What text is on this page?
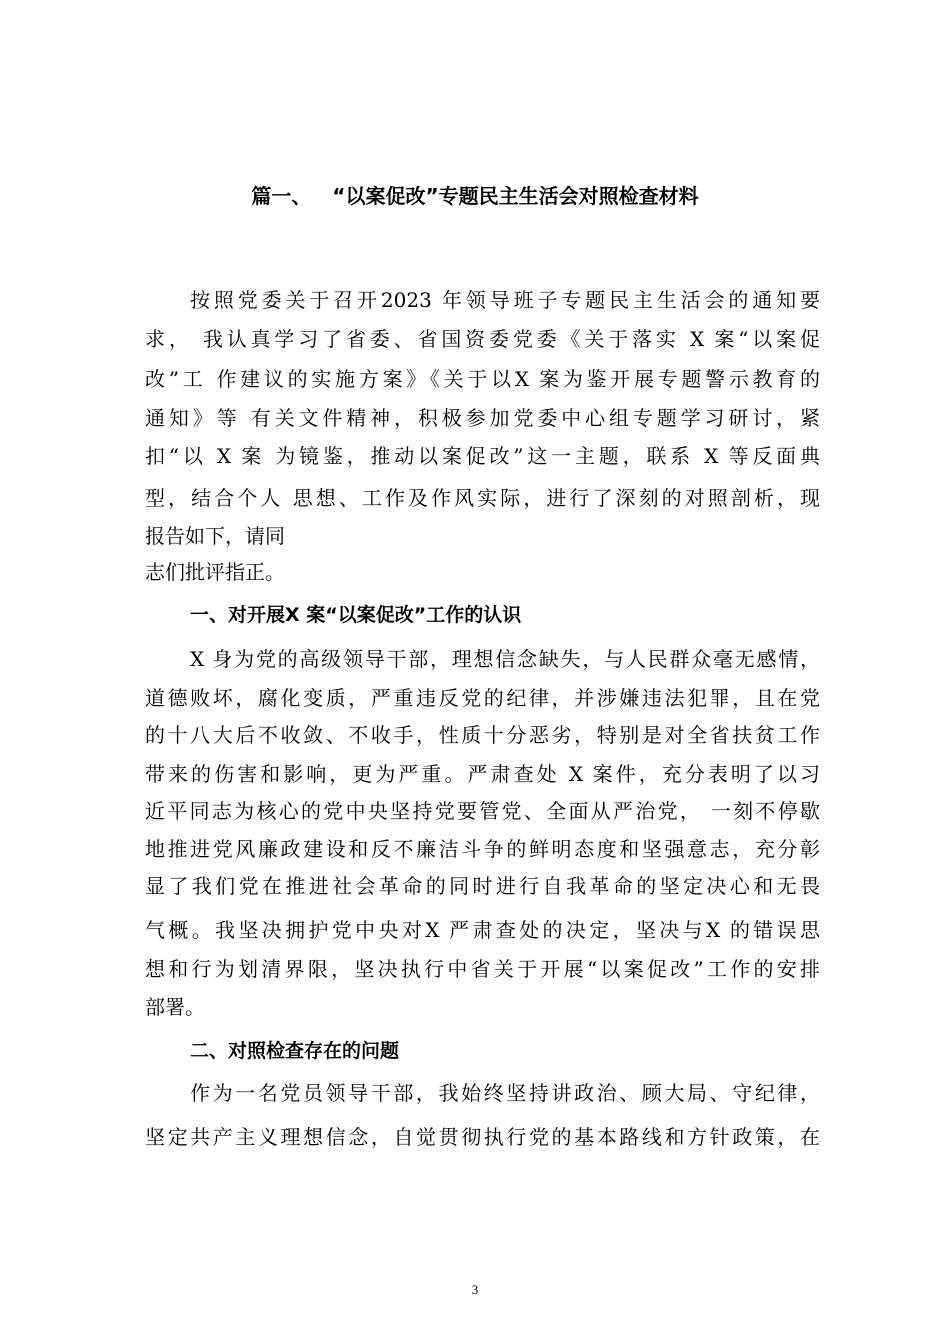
篇一、   “以案促改”专题民主生活会对照检查材料
按照党委关于召开2023 年领导班子专题民主生活会的通知要
求， 我认真学习了省委、省国资委党委《关于落实 X 案“以案促
改”工 作建议的实施方案》《关于以X 案为鉴开展专题警示教育的
通知》等 有关文件精神，积极参加党委中心组专题学习研讨，紧
扣“以 X 案 为镜鉴，推动以案促改”这一主题，联系 X 等反面典
型，结合个人 思想、工作及作风实际，进行了深刻的对照剖析，现
报告如下，请同
志们批评指正。
一、对开展X 案“以案促改”工作的认识
X 身为党的高级领导干部，理想信念缺失，与人民群众毫无感情，
道德败坏，腐化变质，严重违反党的纪律，并涉嫌违法犯罪，且在党
的十八大后不收敛、不收手，性质十分恶劣，特别是对全省扶贫工作
带来的伤害和影响，更为严重。严肃查处 X 案件，充分表明了以习
近平同志为核心的党中央坚持党要管党、全面从严治党， 一刻不停歇
地推进党风廉政建设和反不廉洁斗争的鲜明态度和坚强意志，充分彰
显了我们党在推进社会革命的同时进行自我革命的坚定决心和无畏
气概。我坚决拥护党中央对X 严肃查处的决定，坚决与X 的错误思
想和行为划清界限，坚决执行中省关于开展“以案促改”工作的安排
部署。
二、对照检查存在的问题
作为一名党员领导干部，我始终坚持讲政治、顾大局、守纪律，
坚定共产主义理想信念，自觉贯彻执行党的基本路线和方针政策，在
3
